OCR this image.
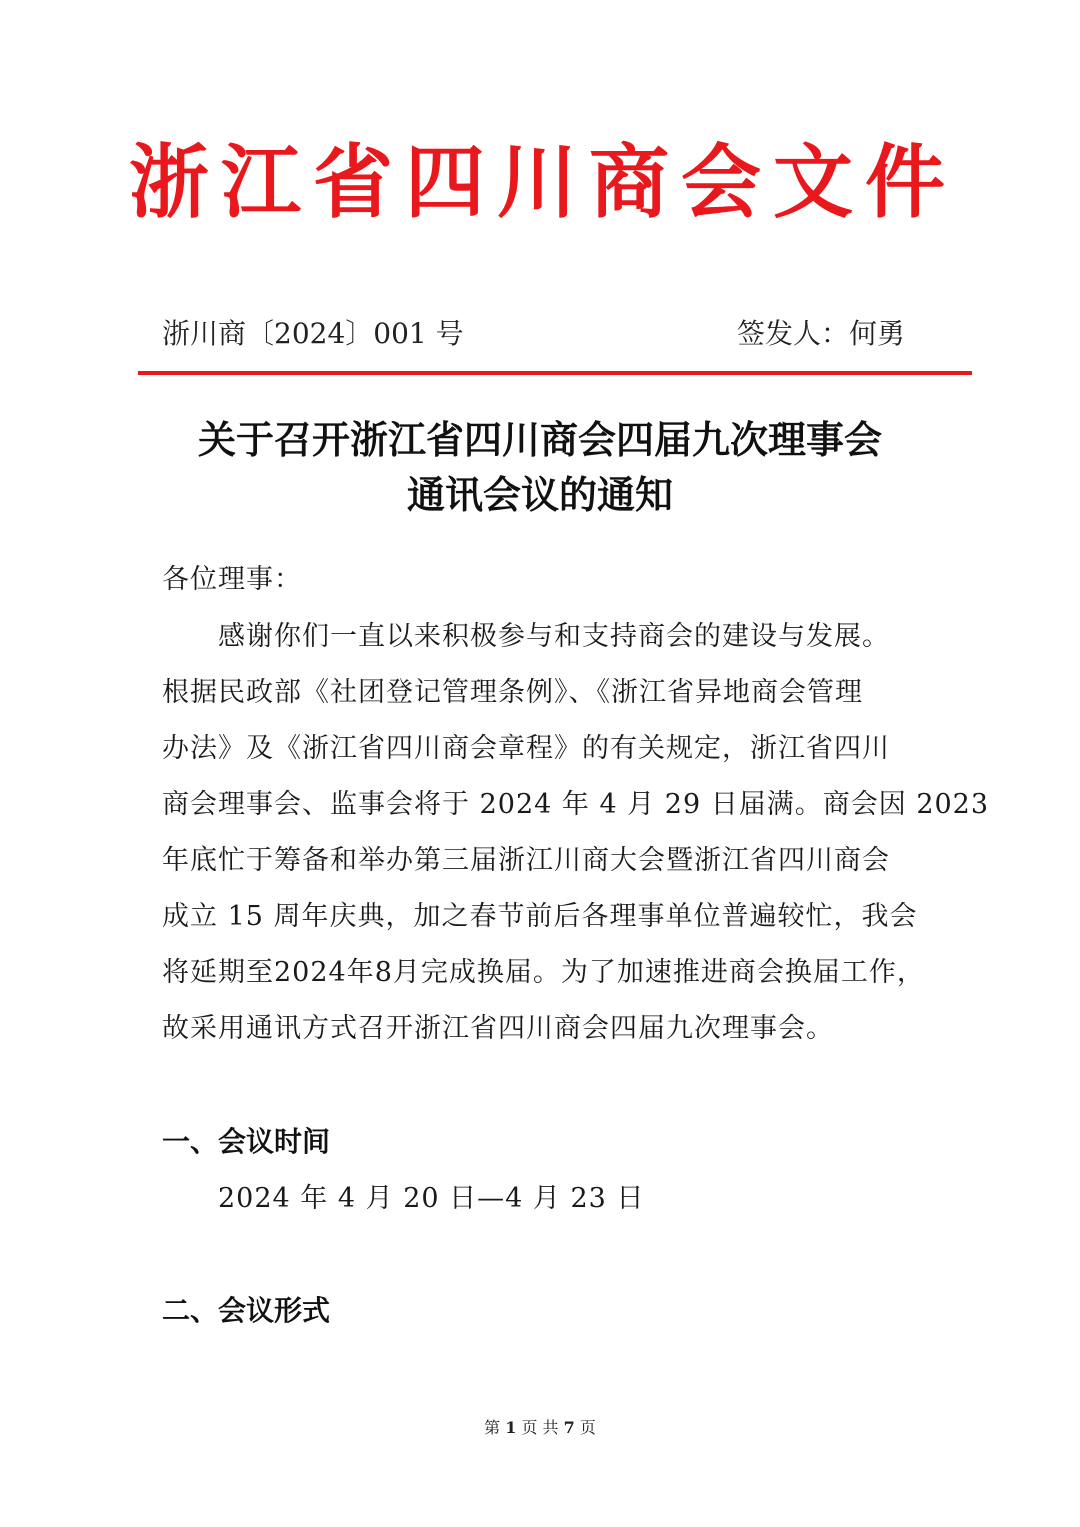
浙江省四川商会文件
浙川商〔2024〕001 号	签发人：何勇
关于召开浙江省四川商会四届九次理事会
通讯会议的通知
各位理事：
　　感谢你们一直以来积极参与和支持商会的建设与发展。
根据民政部《社团登记管理条例》、《浙江省异地商会管理
办法》及《浙江省四川商会章程》的有关规定，浙江省四川
商会理事会、监事会将于 2024 年 4 月 29 日届满。商会因 2023
年底忙于筹备和举办第三届浙江川商大会暨浙江省四川商会
成立 15 周年庆典，加之春节前后各理事单位普遍较忙，我会
将延期至2024年8月完成换届。为了加速推进商会换届工作，
故采用通讯方式召开浙江省四川商会四届九次理事会。
一、会议时间
2024 年 4 月 20 日—4 月 23 日
二、会议形式
第 1 页 共 7 页
